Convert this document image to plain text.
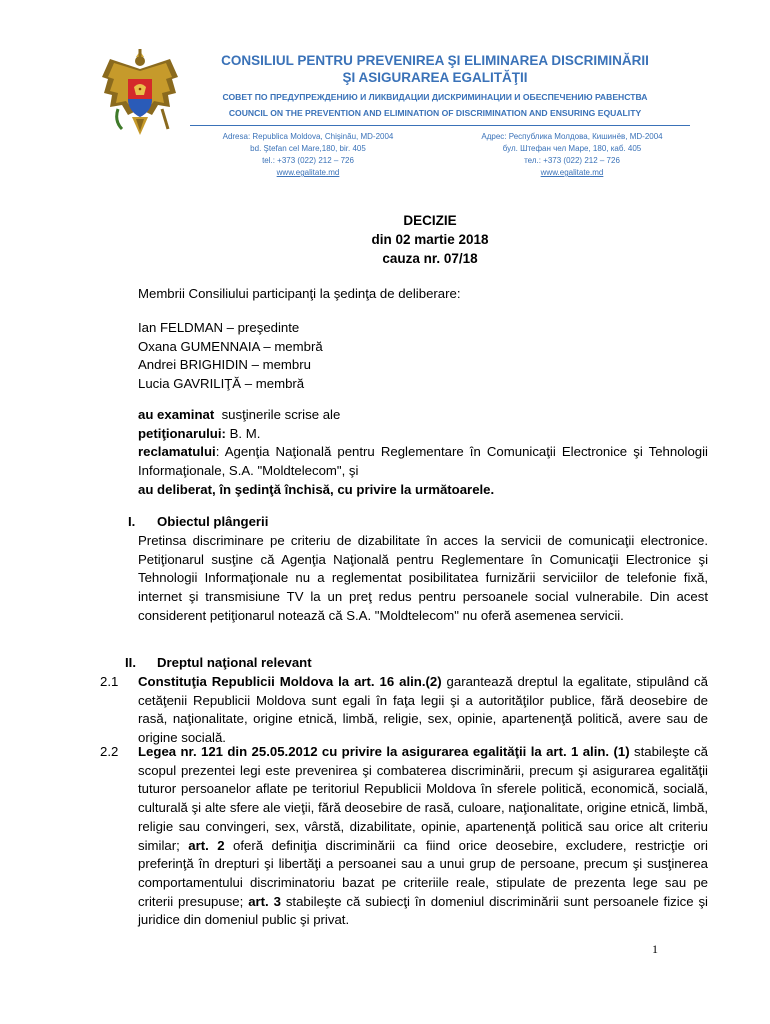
CONSILIUL PENTRU PREVENIREA ŞI ELIMINAREA DISCRIMINĂRII
ŞI ASIGURAREA EGALITĂŢII
СОВЕТ ПО ПРЕДУПРЕЖДЕНИЮ И ЛИКВИДАЦИИ ДИСКРИМИНАЦИИ И ОБЕСПЕЧЕНИЮ РАВЕНСТВА
COUNCIL ON THE PREVENTION AND ELIMINATION OF DISCRIMINATION AND ENSURING EQUALITY
Adresa: Republica Moldova, Chişinău, MD-2004
bd. Ştefan cel Mare,180, bir. 405
tel.: +373 (022) 212 – 726
www.egalitate.md
Адрес: Республика Молдова, Кишинёв, MD-2004
бул. Штефан чел Маре, 180, каб. 405
тел.: +373 (022) 212 – 726
www.egalitate.md
DECIZIE
din 02 martie 2018
cauza nr. 07/18
Membrii Consiliului participanţi la şedinţa de deliberare:
Ian FELDMAN – preşedinte
Oxana GUMENNAIA – membră
Andrei BRIGHIDIN – membru
Lucia GAVRILIŢĂ – membră
au examinat susţinerile scrise ale
petiţionarului: B. M.
reclamatului: Agenţia Naţională pentru Reglementare în Comunicaţii Electronice şi Tehnologii Informaţionale, S.A. "Moldtelecom", şi
au deliberat, în şedinţă închisă, cu privire la următoarele.
I. Obiectul plângerii
Pretinsa discriminare pe criteriu de dizabilitate în acces la servicii de comunicaţii electronice. Petiţionarul susţine că Agenţia Naţională pentru Reglementare în Comunicaţii Electronice şi Tehnologii Informaţionale nu a reglementat posibilitatea furnizării serviciilor de telefonie fixă, internet şi transmisiune TV la un preţ redus pentru persoanele social vulnerabile. Din acest considerent petiţionarul notează că S.A. "Moldtelecom" nu oferă asemenea servicii.
II. Dreptul naţional relevant
2.1 Constituţia Republicii Moldova la art. 16 alin.(2) garantează dreptul la egalitate, stipulând că cetăţenii Republicii Moldova sunt egali în faţa legii şi a autorităţilor publice, fără deosebire de rasă, naţionalitate, origine etnică, limbă, religie, sex, opinie, apartenenţă politică, avere sau de origine socială.
2.2 Legea nr. 121 din 25.05.2012 cu privire la asigurarea egalităţii la art. 1 alin. (1) stabileşte că scopul prezentei legi este prevenirea şi combaterea discriminării, precum şi asigurarea egalităţii tuturor persoanelor aflate pe teritoriul Republicii Moldova în sferele politică, economică, socială, culturală şi alte sfere ale vieţii, fără deosebire de rasă, culoare, naţionalitate, origine etnică, limbă, religie sau convingeri, sex, vârstă, dizabilitate, opinie, apartenenţă politică sau orice alt criteriu similar; art. 2 oferă definiţia discriminării ca fiind orice deosebire, excludere, restricţie ori preferinţă în drepturi şi libertăţi a persoanei sau a unui grup de persoane, precum şi susţinerea comportamentului discriminatoriu bazat pe criteriile reale, stipulate de prezenta lege sau pe criterii presupuse; art. 3 stabileşte că subiecţi în domeniul discriminării sunt persoanele fizice şi juridice din domeniul public şi privat.
1
